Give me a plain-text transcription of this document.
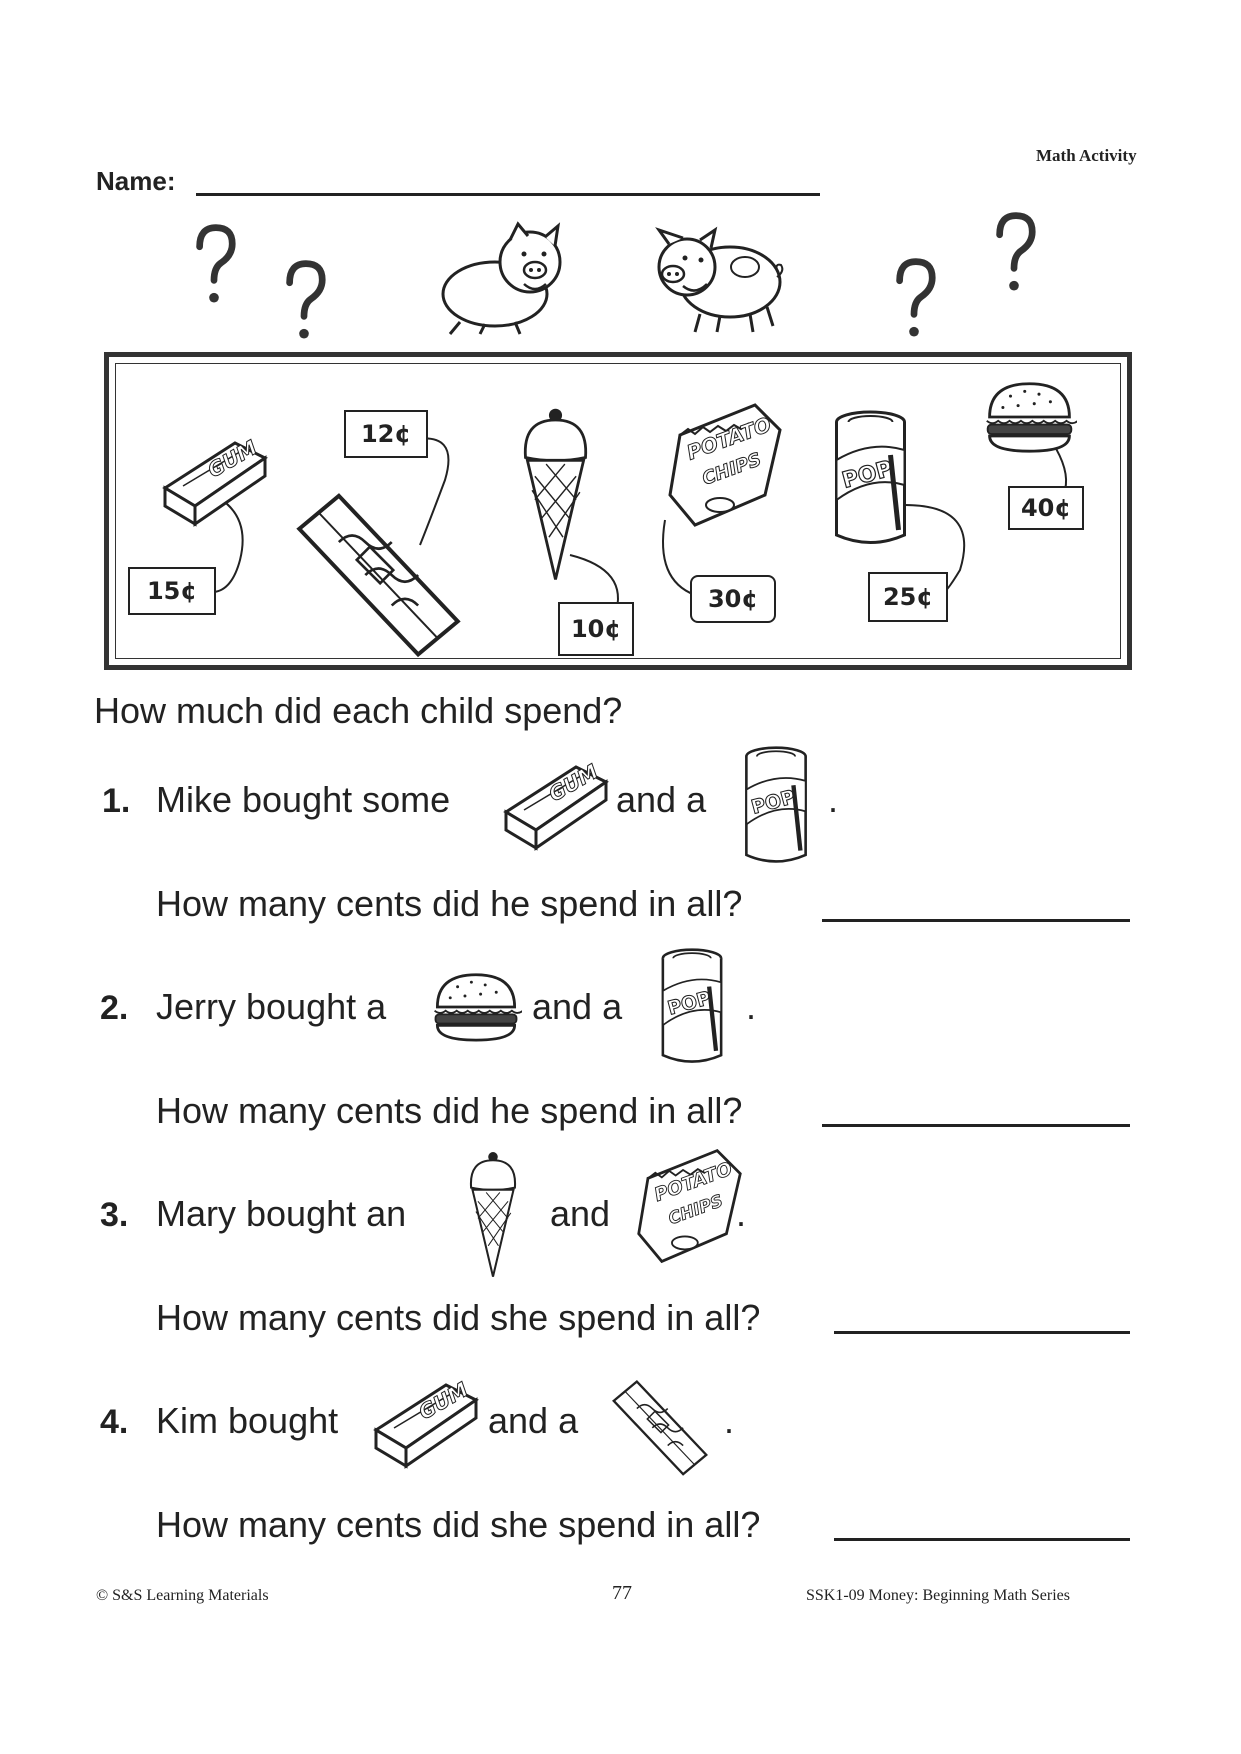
Math Activity
Name:
15¢
12¢
10¢
30¢	25¢
40¢
How much did each child spend?
1. Mike bought some	and a	.
How many cents did he spend in all?
2. Jerry bought a	and a	.
How many cents did he spend in all?
3. Mary bought an	and	.
How many cents did she spend in all?
4. Kim bought	and a	.
How many cents did she spend in all?
© S&S Learning Materials	77	SSK1-09 Money: Beginning Math Series
